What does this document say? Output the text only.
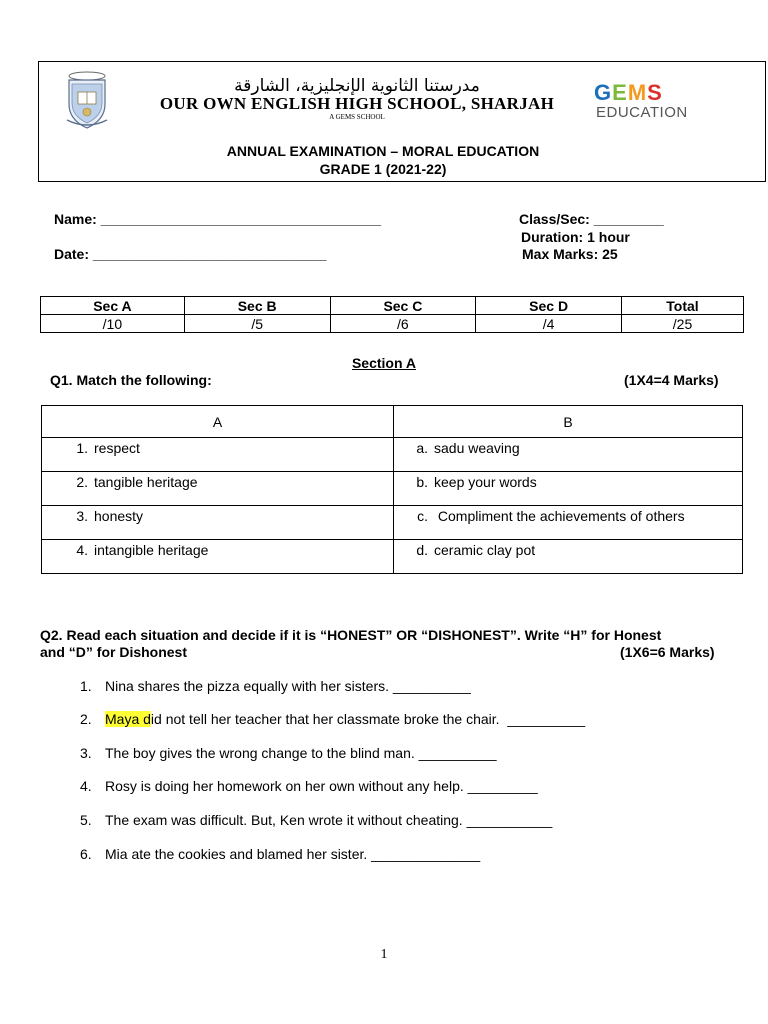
مدرستنا الثانوية الإنجليزية، الشارقة
OUR OWN ENGLISH HIGH SCHOOL, SHARJAH
A GEMS SCHOOL
GEMS
EDUCATION
ANNUAL EXAMINATION – MORAL EDUCATION
GRADE 1 (2021-22)
Name: ____________________________________
Date: ______________________________
Class/Sec: _________
Duration: 1 hour
Max Marks: 25
Sec A	Sec B	Sec C	Sec D	Total
/10	/5	/6	/4	/25
Section A
Q1. Match the following:	(1X4=4 Marks)
A	B

1. respect	a. sadu weaving

2. tangible heritage	b. keep your words

3. honesty	c. Compliment the achievements of others

4. intangible heritage	d. ceramic clay pot
Q2. Read each situation and decide if it is “HONEST” OR “DISHONEST”. Write “H” for Honest
and “D” for Dishonest	(1X6=6 Marks)
1. Nina shares the pizza equally with her sisters. __________
2. Maya did not tell her teacher that her classmate broke the chair.  __________
3. The boy gives the wrong change to the blind man. __________
4. Rosy is doing her homework on her own without any help. _________
5. The exam was difficult. But, Ken wrote it without cheating. ___________
6. Mia ate the cookies and blamed her sister. ______________
1
